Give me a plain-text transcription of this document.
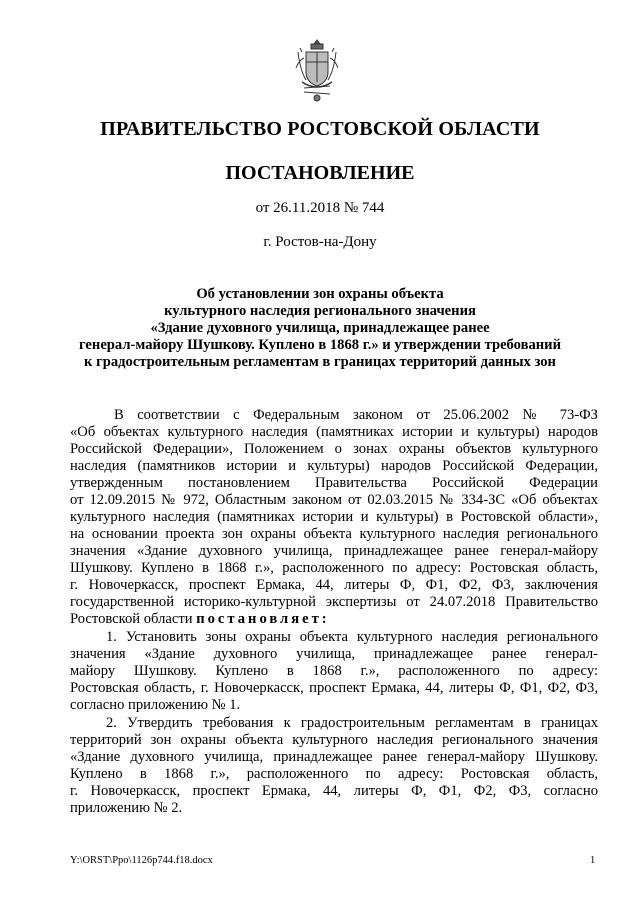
ПРАВИТЕЛЬСТВО РОСТОВСКОЙ ОБЛАСТИ
ПОСТАНОВЛЕНИЕ
от 26.11.2018 № 744
г. Ростов-на-Дону
Об установлении зон охраны объекта
культурного наследия регионального значения
«Здание духовного училища, принадлежащее ранее
генерал-майору Шушкову. Куплено в 1868 г.» и утверждении требований
к градостроительным регламентам в границах территорий данных зон
В соответствии с Федеральным законом от 25.06.2002 № 73-ФЗ
«Об объектах культурного наследия (памятниках истории и культуры) народов
Российской Федерации», Положением о зонах охраны объектов культурного
наследия (памятников истории и культуры) народов Российской Федерации,
утвержденным постановлением Правительства Российской Федерации
от 12.09.2015 № 972, Областным законом от 02.03.2015 № 334-ЗС «Об объектах
культурного наследия (памятниках истории и культуры) в Ростовской области»,
на основании проекта зон охраны объекта культурного наследия регионального
значения «Здание духовного училища, принадлежащее ранее генерал-майору
Шушкову. Куплено в 1868 г.», расположенного по адресу: Ростовская область,
г. Новочеркасск, проспект Ермака, 44, литеры Ф, Ф1, Ф2, Ф3, заключения
государственной историко-культурной экспертизы от 24.07.2018 Правительство
Ростовской области постановляет:
1. Установить зоны охраны объекта культурного наследия регионального
значения «Здание духовного училища, принадлежащее ранее генерал-
майору Шушкову. Куплено в 1868 г.», расположенного по адресу:
Ростовская область, г. Новочеркасск, проспект Ермака, 44, литеры Ф, Ф1, Ф2, Ф3,
согласно приложению № 1.
2. Утвердить требования к градостроительным регламентам в границах
территорий зон охраны объекта культурного наследия регионального значения
«Здание духовного училища, принадлежащее ранее генерал-майору Шушкову.
Куплено в 1868 г.», расположенного по адресу: Ростовская область,
г. Новочеркасск, проспект Ермака, 44, литеры Ф, Ф1, Ф2, Ф3, согласно
приложению № 2.
Y:\ORST\Ppo\1126p744.f18.docx	1
